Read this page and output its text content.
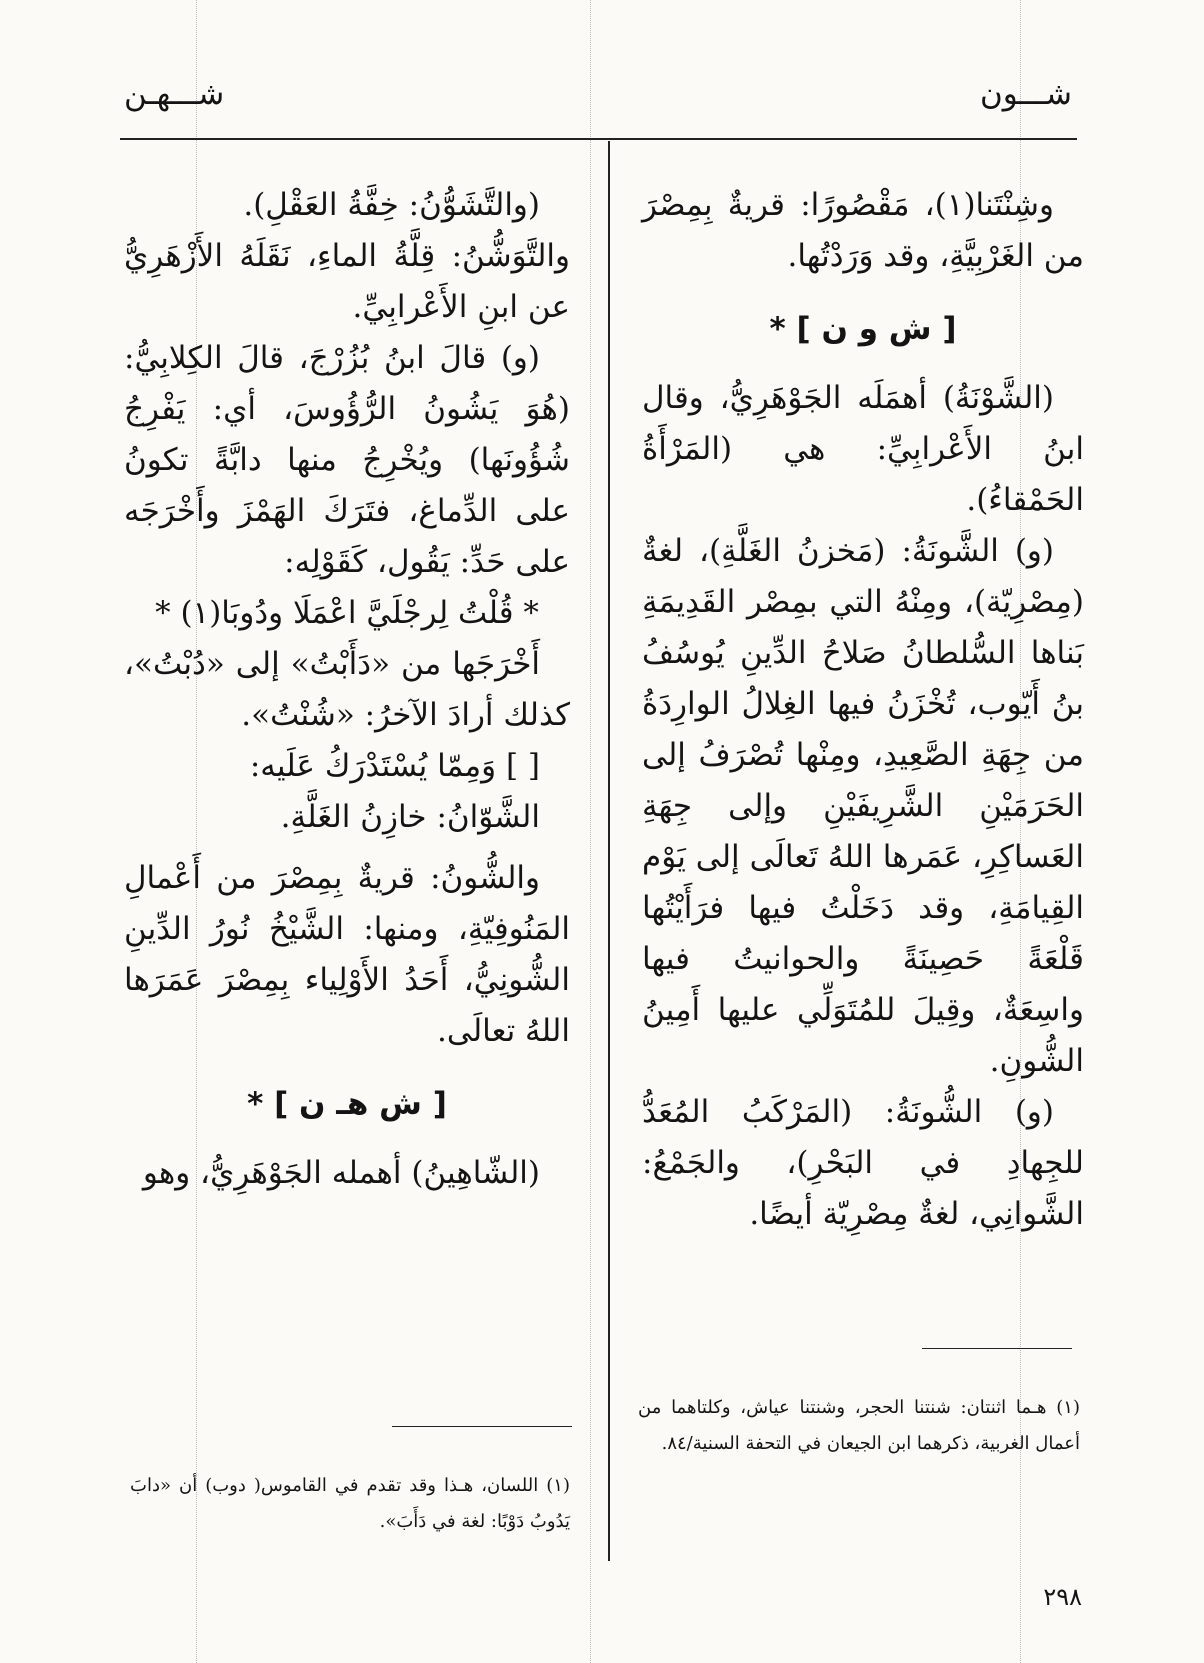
شـــون
شـــهـن

وشِنْتَنا(١)، مَقْصُورًا: قريةٌ بِمِصْرَ من الغَرْبِيَّةِ، وقد وَرَدْتُها.

[ ش و ن ] *

(الشَّوْنَةُ) أهمَلَه الجَوْهَرِيُّ، وقال ابنُ الأَعْرابِيِّ: هي (المَرْأَةُ الحَمْقاءُ).

(و) الشَّونَةُ: (مَخزنُ الغَلَّةِ)، لغةٌ (مِصْرِيّة)، ومِنْهُ التي بمِصْر القَدِيمَةِ بَناها السُّلطانُ صَلاحُ الدِّينِ يُوسُفُ بنُ أَيّوب، تُخْزَنُ فيها الغِلالُ الوارِدَةُ من جِهَةِ الصَّعِيدِ، ومِنْها تُصْرَفُ إلى الحَرَمَيْنِ الشَّرِيفَيْنِ وإلى جِهَةِ العَساكِرِ، عَمَرها اللهُ تَعالَى إلى يَوْم القِيامَةِ، وقد دَخَلْتُ فيها فرَأَيْتُها قَلْعَةً حَصِينَةً والحوانيتُ فيها واسِعَةٌ، وقِيلَ للمُتَوَلِّي عليها أَمِينُ الشُّونِ.

(و) الشُّونَةُ: (المَرْكَبُ المُعَدُّ للجِهادِ في البَحْرِ)، والجَمْعُ: الشَّوانِي، لغةٌ مِصْرِيّة أيضًا.

(والتَّشَوُّنُ: خِفَّةُ العَقْلِ).

والتَّوَشُّنُ: قِلَّةُ الماءِ، نَقَلَهُ الأَزْهَرِيُّ عن ابنِ الأَعْرابِيِّ.

(و) قالَ ابنُ بُزُرْجَ، قالَ الكِلابِيُّ: (هُوَ يَشُونُ الرُّؤُوسَ، أي: يَفْرِجُ شُؤُونَها) ويُخْرِجُ منها دابَّةً تكونُ على الدِّماغ، فتَرَكَ الهَمْزَ وأَخْرَجَه على حَدِّ: يَقُول، كَقَوْلِه:

* قُلْتُ لِرجْلَيَّ اعْمَلَا ودُوبَا(١) *

أَخْرَجَها من «دَأَبْتُ» إلى «دُبْتُ»، كذلك أرادَ الآخرُ: «شُنْتُ».

[ ] وَمِمّا يُسْتَدْرَكُ عَلَيه:

الشَّوّانُ: خازِنُ الغَلَّةِ.

والشُّونُ: قريةٌ بِمِصْرَ من أَعْمالِ المَنُوفِيّةِ، ومنها: الشَّيْخُ نُورُ الدِّينِ الشُّونِيُّ، أَحَدُ الأَوْلِياء بِمِصْرَ عَمَرَها اللهُ تعالَى.

[ ش هـ ن ] *

(الشّاهِينُ) أهمله الجَوْهَرِيُّ، وهو

(١) هـما اثنتان: شنتنا الحجر، وشنتنا عياش، وكلتاهما من أعمال الغربية، ذكرهما ابن الجيعان في التحفة السنية/٨٤.
(١) اللسان، هـذا وقد تقدم في القاموس( دوب) أن «دابَ يَدُوبُ دَوْبًا: لغة في دَأَبَ».
٢٩٨
